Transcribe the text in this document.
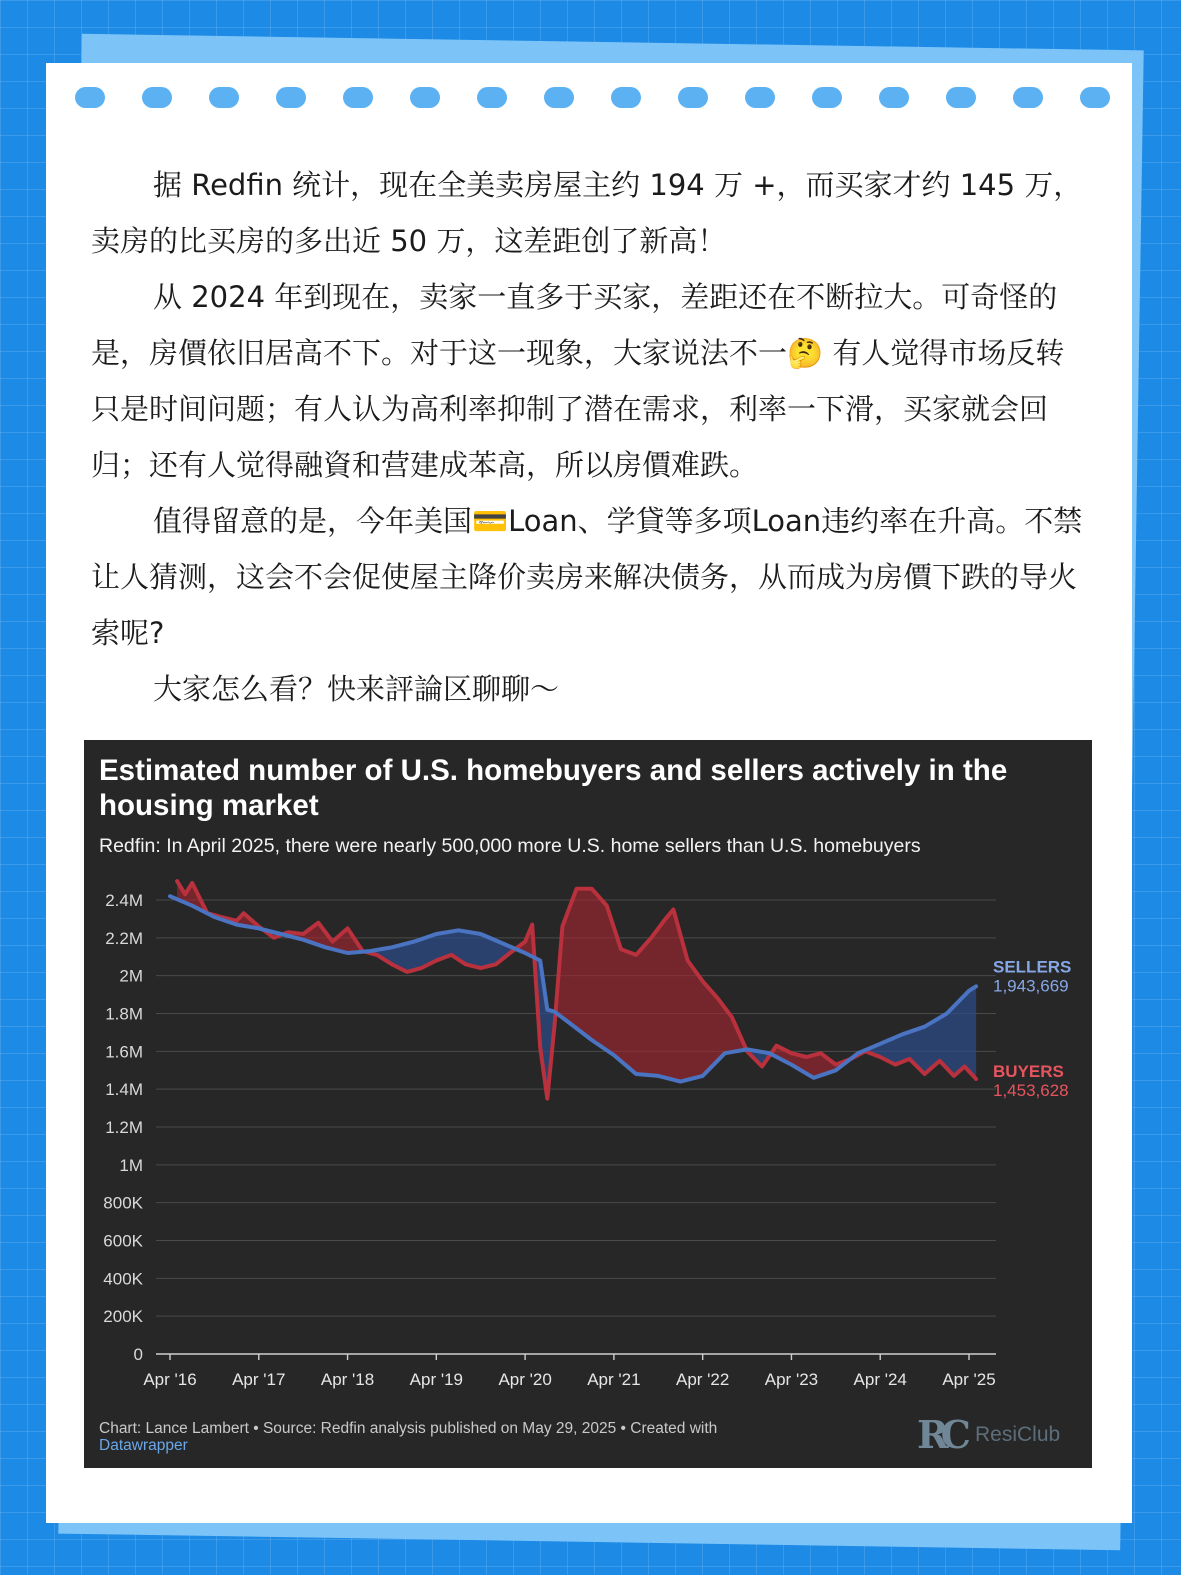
据 Redfin 统计，现在全美卖房屋主约 194 万 +，而买家才约 145 万，卖房的比买房的多出近 50 万，这差距创了新高！

从 2024 年到现在，卖家一直多于买家，差距还在不断拉大。可奇怪的是，房價依旧居高不下。对于这一现象，大家说法不一🤔 有人觉得市场反转只是时间问题；有人认为高利率抑制了潜在需求，利率一下滑，买家就会回归；还有人觉得融資和营建成苯高，所以房價难跌。

值得留意的是，今年美国💳Loan、学貸等多项Loan违约率在升高。不禁让人猜测，这会不会促使屋主降价卖房来解决债务，从而成为房價下跌的导火索呢?

大家怎么看？快来評論区聊聊～

Estimated number of U.S. homebuyers and sellers actively in the housing market

Redfin: In April 2025, there were nearly 500,000 more U.S. home sellers than U.S. homebuyers

0
200K
400K
600K
800K
1M
1.2M
1.4M
1.6M
1.8M
2M
2.2M
2.4M
Apr '16 Apr '17 Apr '18 Apr '19 Apr '20 Apr '21 Apr '22 Apr '23 Apr '24 Apr '25
SELLERS
1,943,669
BUYERS
1,453,628
Chart: Lance Lambert • Source: Redfin analysis published on May 29, 2025 • Created with
Datawrapper	RC ResiClub
